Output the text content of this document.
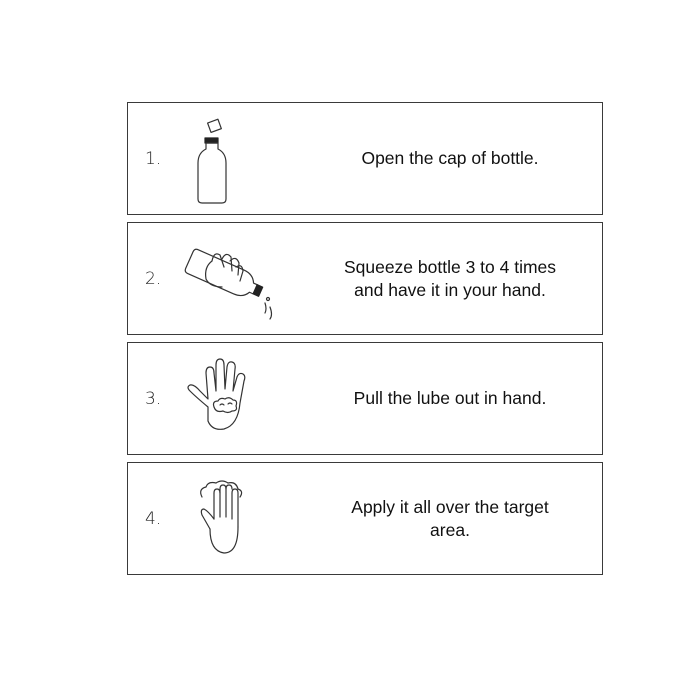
1.	Open the cap of bottle.
2.
Squeeze bottle 3 to 4 times
and have it in your hand.
3.	Pull the lube out in hand.
4.
Apply it all over the target
area.
